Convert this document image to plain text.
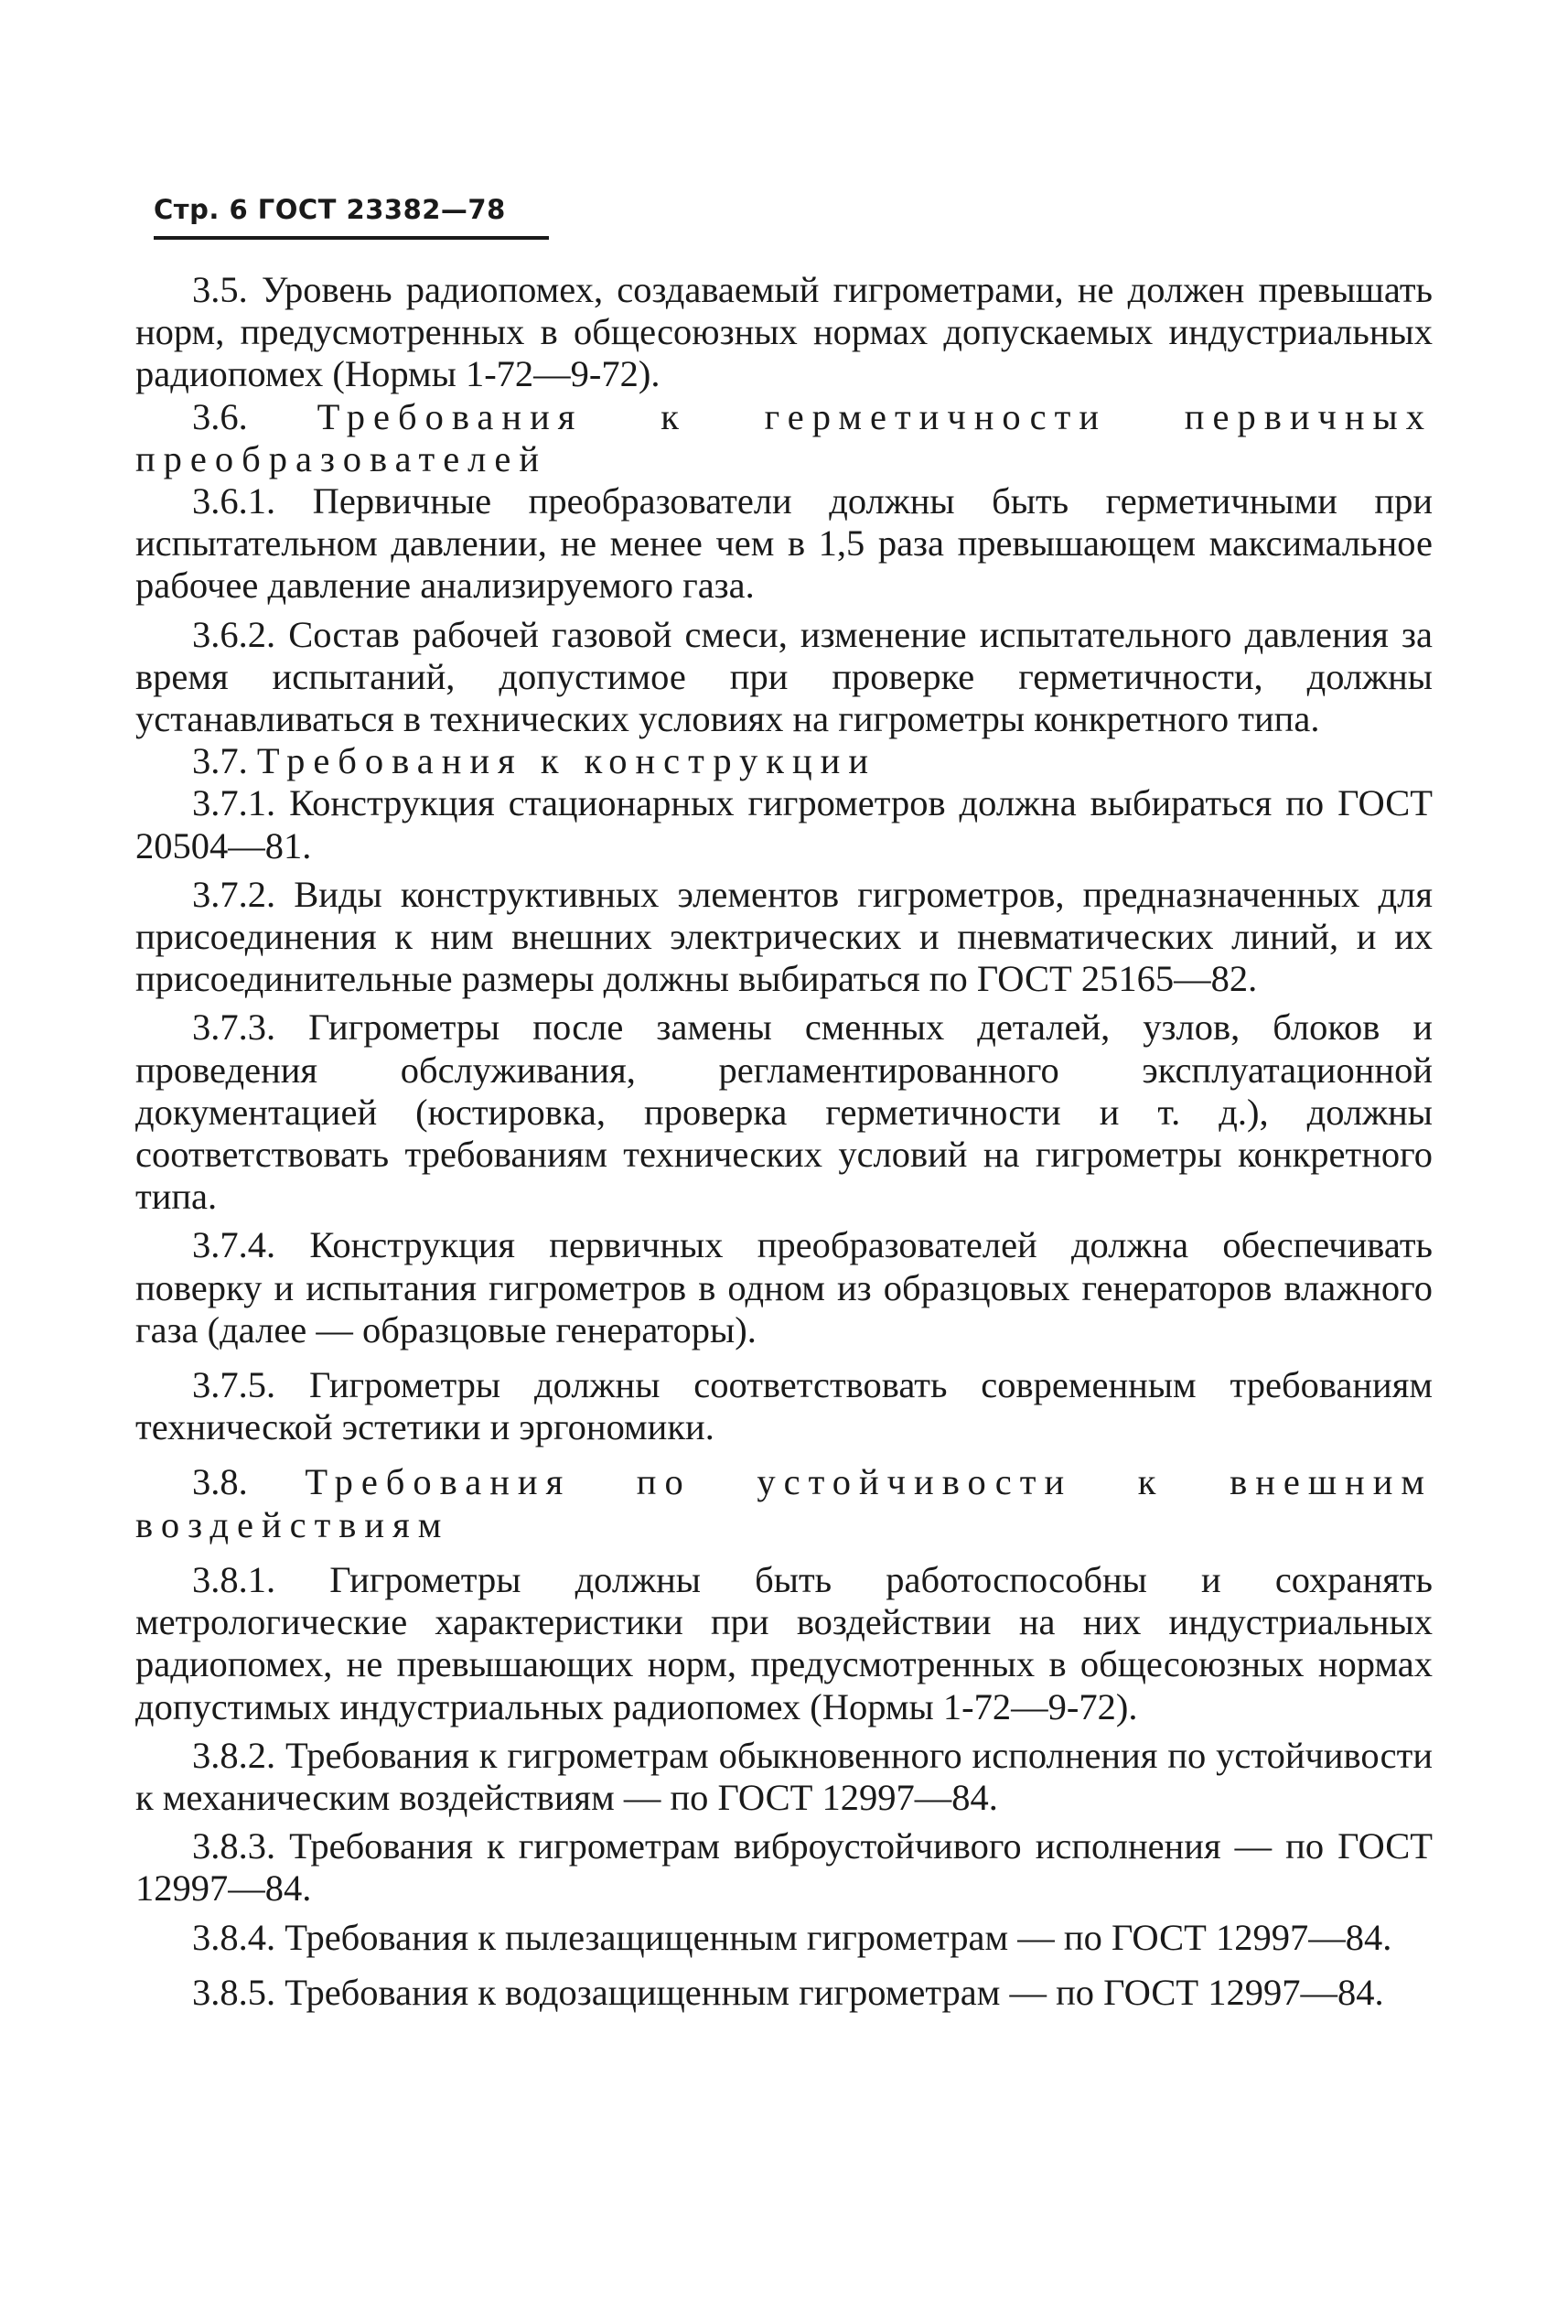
Стр. 6 ГОСТ 23382—78

3.5. Уровень радиопомех, создаваемый гигрометрами, не должен превышать норм, предусмотренных в общесоюзных нормах допускаемых индустриальных радиопомех (Нормы 1-72—9-72).

3.6. Требования к герметичности первичных преобразователей

3.6.1. Первичные преобразователи должны быть герметичными при испытательном давлении, не менее чем в 1,5 раза превышающем максимальное рабочее давление анализируемого газа.

3.6.2. Состав рабочей газовой смеси, изменение испытательного давления за время испытаний, допустимое при проверке герметичности, должны устанавливаться в технических условиях на гигрометры конкретного типа.

3.7. Требования к конструкции

3.7.1. Конструкция стационарных гигрометров должна выбираться по ГОСТ 20504—81.

3.7.2. Виды конструктивных элементов гигрометров, предназначенных для присоединения к ним внешних электрических и пневматических линий, и их присоединительные размеры должны выбираться по ГОСТ 25165—82.

3.7.3. Гигрометры после замены сменных деталей, узлов, блоков и проведения обслуживания, регламентированного эксплуатационной документацией (юстировка, проверка герметичности и т. д.), должны соответствовать требованиям технических условий на гигрометры конкретного типа.

3.7.4. Конструкция первичных преобразователей должна обеспечивать поверку и испытания гигрометров в одном из образцовых генераторов влажного газа (далее — образцовые генераторы).

3.7.5. Гигрометры должны соответствовать современным требованиям технической эстетики и эргономики.

3.8. Требования по устойчивости к внешним воздействиям

3.8.1. Гигрометры должны быть работоспособны и сохранять метрологические характеристики при воздействии на них индустриальных радиопомех, не превышающих норм, предусмотренных в общесоюзных нормах допустимых индустриальных радиопомех (Нормы 1-72—9-72).

3.8.2. Требования к гигрометрам обыкновенного исполнения по устойчивости к механическим воздействиям — по ГОСТ 12997—84.

3.8.3. Требования к гигрометрам виброустойчивого исполнения — по ГОСТ 12997—84.

3.8.4. Требования к пылезащищенным гигрометрам — по ГОСТ 12997—84.

3.8.5. Требования к водозащищенным гигрометрам — по ГОСТ 12997—84.
